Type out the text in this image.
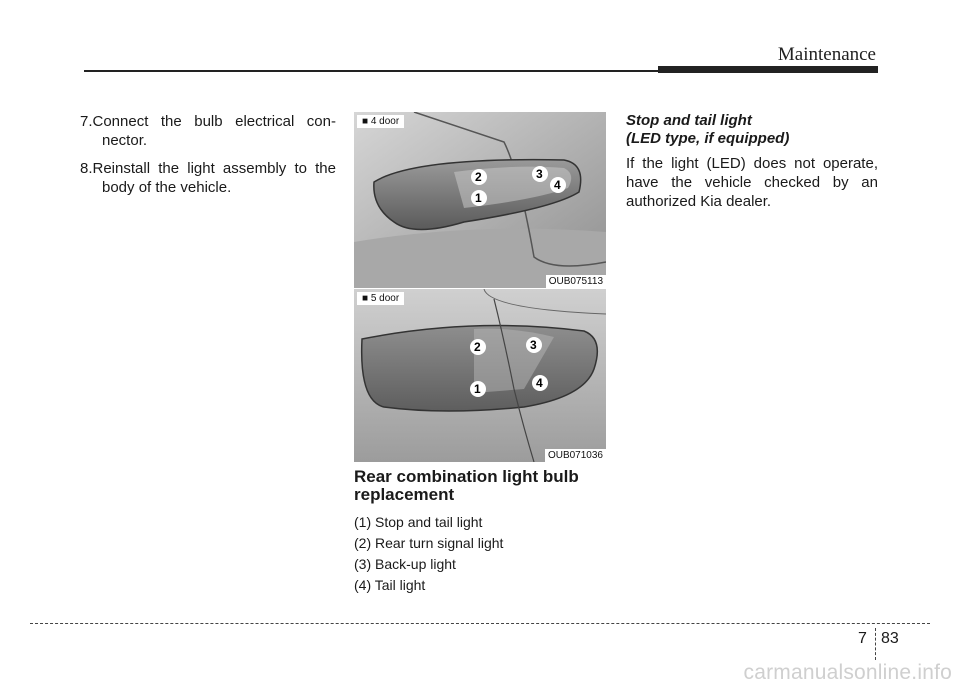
Maintenance

7.Connect the bulb electrical con-nector.

8.Reinstall the light assembly to the body of the vehicle.

2
1
3
4
■ 4 door
OUB075113
2
1
3
4
■ 5 door
OUB071036
Rear combination light bulb replacement
(1) Stop and tail light
(2) Rear turn signal light
(3) Back-up light
(4) Tail light
Stop and tail light
(LED type, if equipped)

If the light (LED) does not operate, have the vehicle checked by an authorized Kia dealer.

7 83
carmanualsonline.info
